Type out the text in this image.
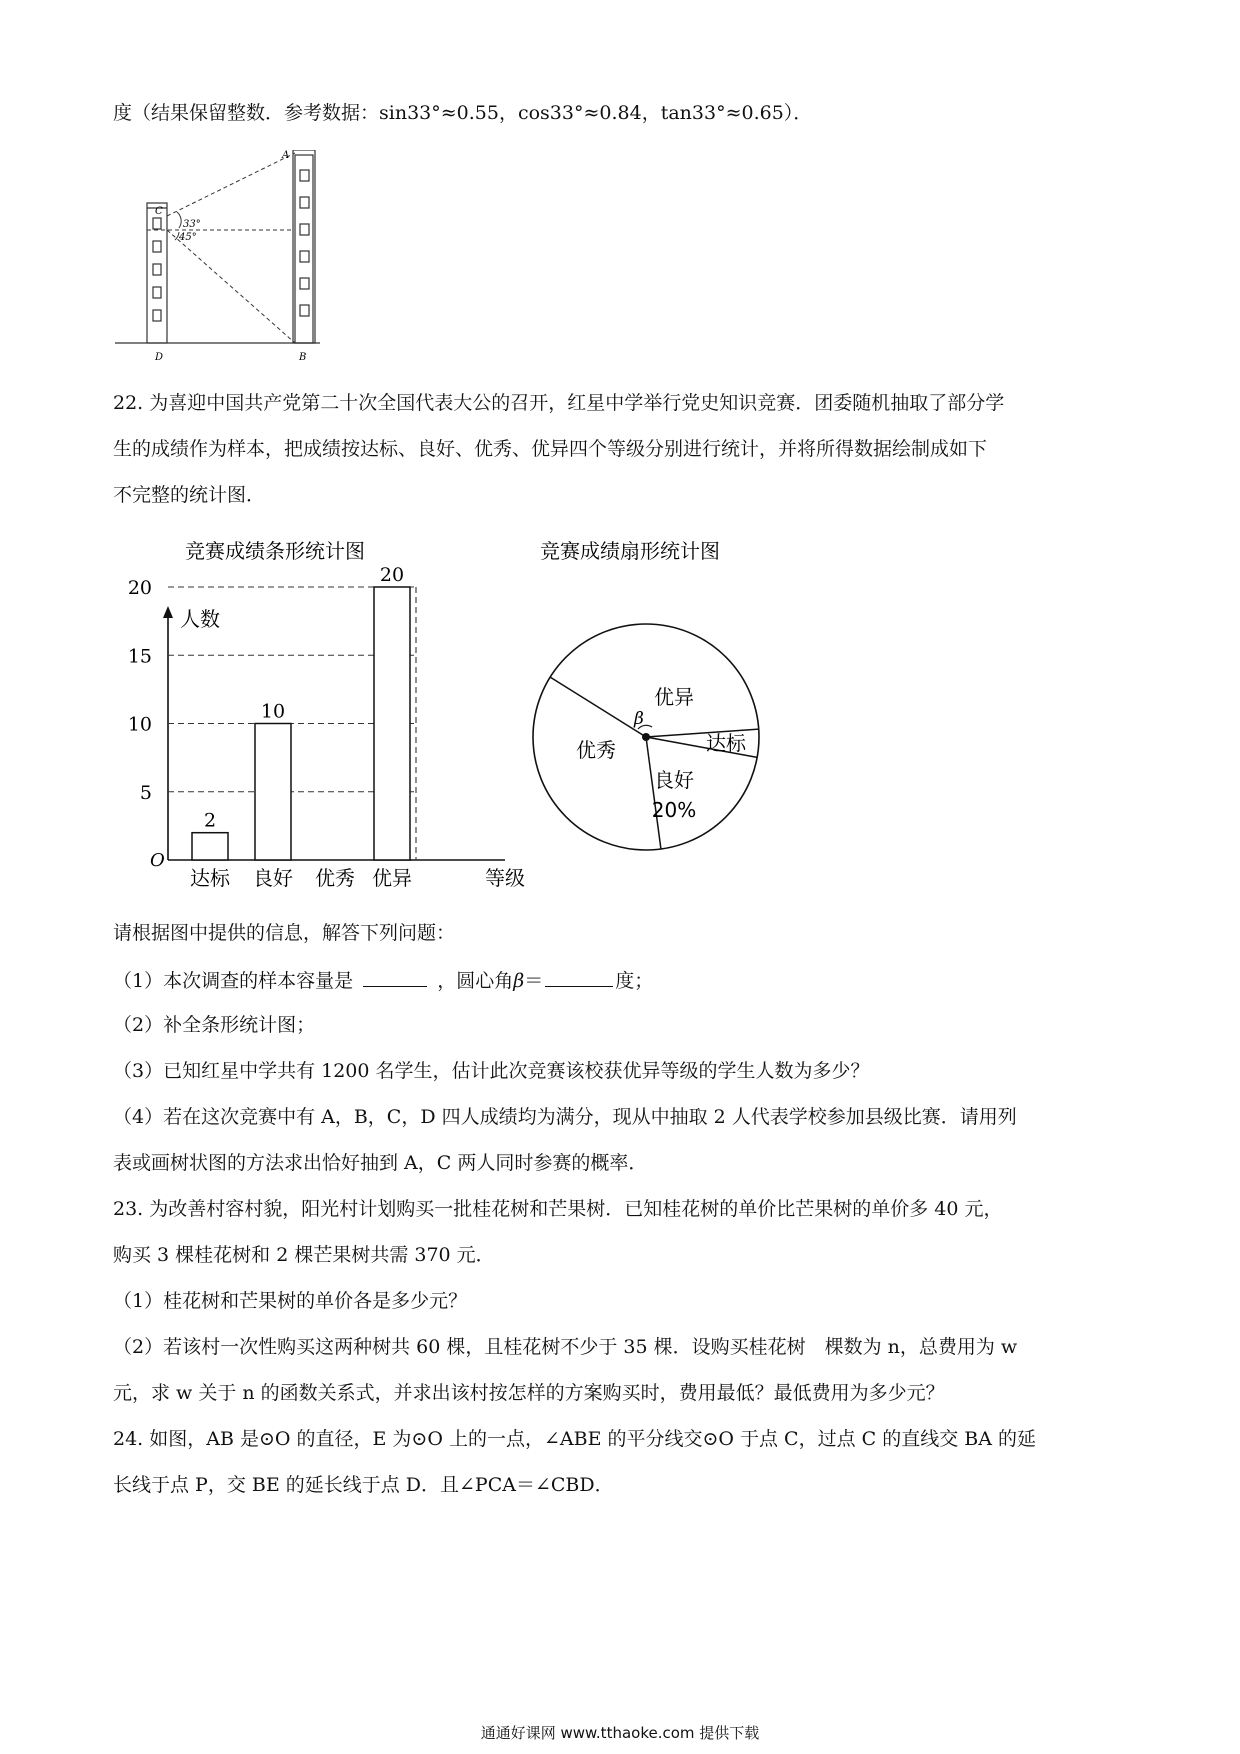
度（结果保留整数．参考数据：sin33°≈0.55，cos33°≈0.84，tan33°≈0.65）．
C
33°
45°
A
D	B
22. 为喜迎中国共产党第二十次全国代表大公的召开，红星中学举行党史知识竞赛．团委随机抽取了部分学
生的成绩作为样本，把成绩按达标、良好、优秀、优异四个等级分别进行统计，并将所得数据绘制成如下
不完整的统计图．
竞赛成绩条形统计图	竞赛成绩扇形统计图
人数
等级
O
5
10
15
20
2
10
20
达标 良好 优秀 优异
β
优异
达标
良好
20%
优秀
请根据图中提供的信息，解答下列问题：
（1）本次调查的样本容量是	，圆心角β＝	度；
（2）补全条形统计图；
（3）已知红星中学共有 1200 名学生，估计此次竞赛该校获优异等级的学生人数为多少？
（4）若在这次竞赛中有 A，B，C，D 四人成绩均为满分，现从中抽取 2 人代表学校参加县级比赛．请用列
表或画树状图的方法求出恰好抽到 A，C 两人同时参赛的概率．
23. 为改善村容村貌，阳光村计划购买一批桂花树和芒果树．已知桂花树的单价比芒果树的单价多 40 元，
购买 3 棵桂花树和 2 棵芒果树共需 370 元．
（1）桂花树和芒果树的单价各是多少元？
（2）若该村一次性购买这两种树共 60 棵，且桂花树不少于 35 棵．设购买桂花树　棵数为 n，总费用为 w
元，求 w 关于 n 的函数关系式，并求出该村按怎样的方案购买时，费用最低？最低费用为多少元？
24. 如图，AB 是⊙O 的直径，E 为⊙O 上的一点，∠ABE 的平分线交⊙O 于点 C，过点 C 的直线交 BA 的延
长线于点 P，交 BE 的延长线于点 D．且∠PCA＝∠CBD．
通通好课网 www.tthaoke.com 提供下载
